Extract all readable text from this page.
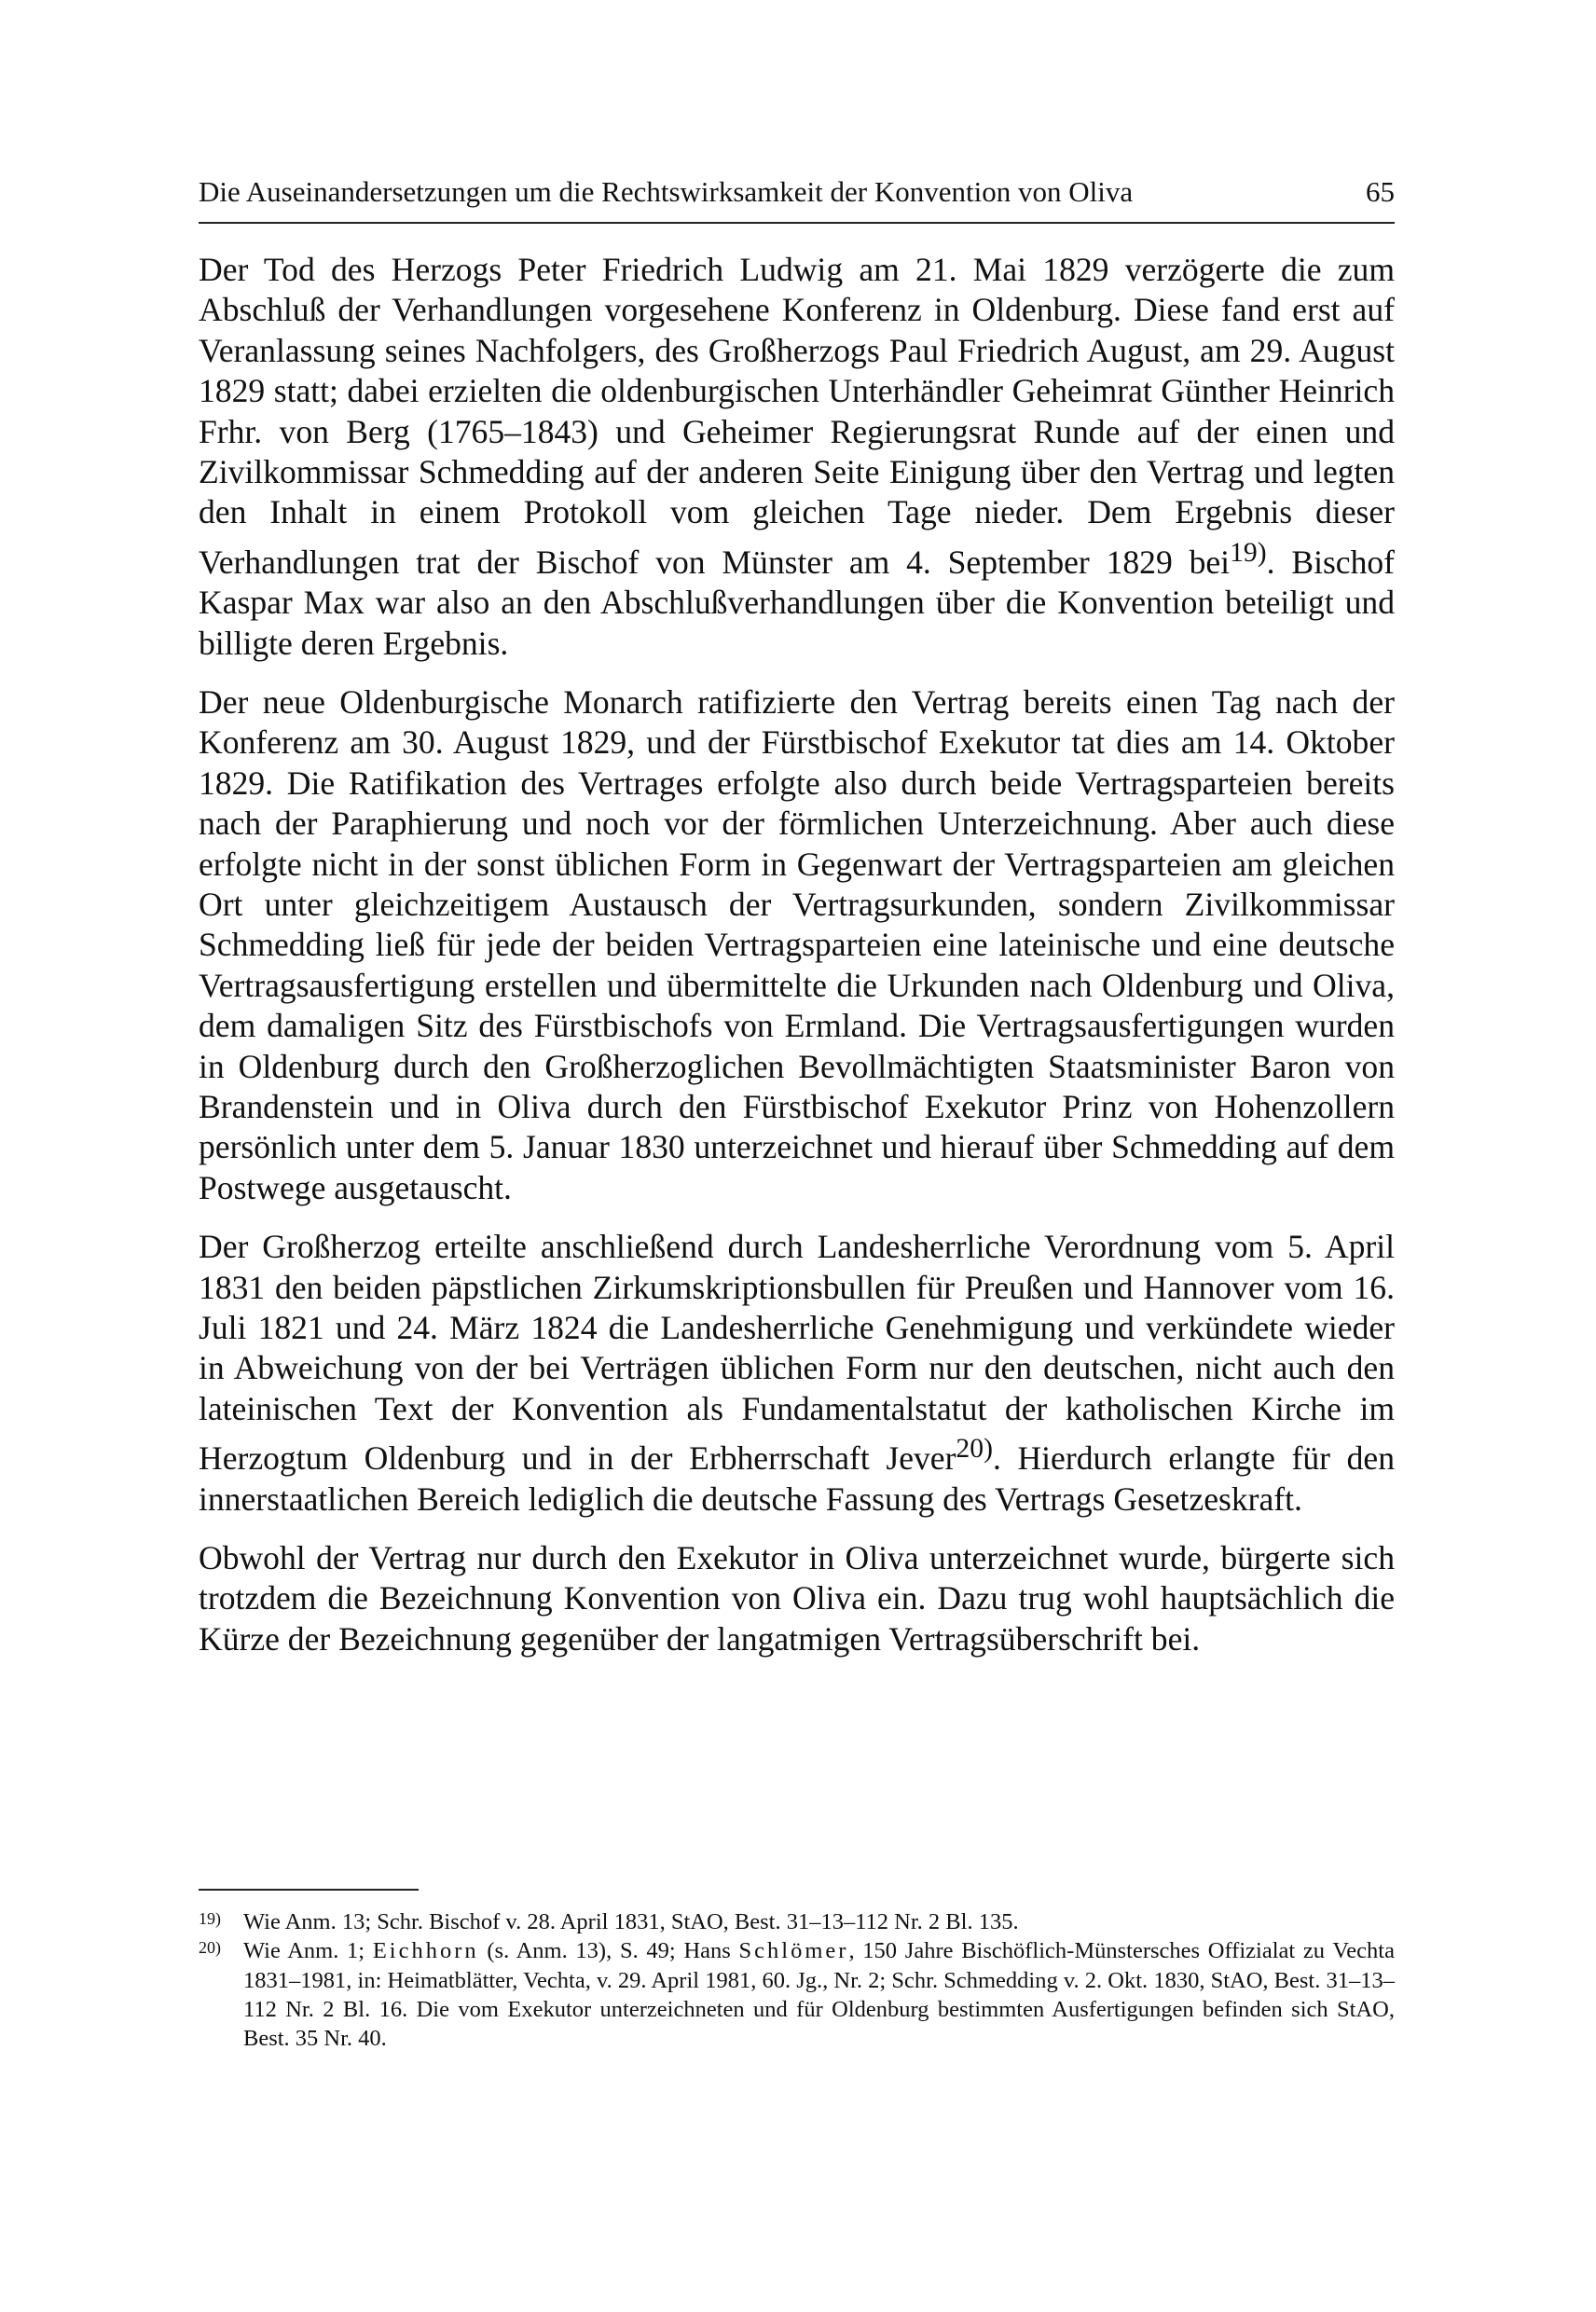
Die Auseinandersetzungen um die Rechtswirksamkeit der Konvention von Oliva	65

Der Tod des Herzogs Peter Friedrich Ludwig am 21. Mai 1829 verzögerte die zum Abschluß der Verhandlungen vorgesehene Konferenz in Oldenburg. Diese fand erst auf Veranlassung seines Nachfolgers, des Großherzogs Paul Friedrich August, am 29. August 1829 statt; dabei erzielten die oldenburgischen Unterhändler Geheimrat Günther Heinrich Frhr. von Berg (1765–1843) und Geheimer Regierungsrat Runde auf der einen und Zivilkommissar Schmedding auf der anderen Seite Einigung über den Vertrag und legten den Inhalt in einem Protokoll vom gleichen Tage nieder. Dem Ergebnis dieser Verhandlungen trat der Bischof von Münster am 4. September 1829 bei$^{19)}$. Bischof Kaspar Max war also an den Abschlußverhandlungen über die Konvention beteiligt und billigte deren Ergebnis.

Der neue Oldenburgische Monarch ratifizierte den Vertrag bereits einen Tag nach der Konferenz am 30. August 1829, und der Fürstbischof Exekutor tat dies am 14. Oktober 1829. Die Ratifikation des Vertrages erfolgte also durch beide Vertragsparteien bereits nach der Paraphierung und noch vor der förmlichen Unterzeichnung. Aber auch diese erfolgte nicht in der sonst üblichen Form in Gegenwart der Vertragsparteien am gleichen Ort unter gleichzeitigem Austausch der Vertragsurkunden, sondern Zivilkommissar Schmedding ließ für jede der beiden Vertragsparteien eine lateinische und eine deutsche Vertragsausfertigung erstellen und übermittelte die Urkunden nach Oldenburg und Oliva, dem damaligen Sitz des Fürstbischofs von Ermland. Die Vertragsausfertigungen wurden in Oldenburg durch den Großherzoglichen Bevollmächtigten Staatsminister Baron von Brandenstein und in Oliva durch den Fürstbischof Exekutor Prinz von Hohenzollern persönlich unter dem 5. Januar 1830 unterzeichnet und hierauf über Schmedding auf dem Postwege ausgetauscht.

Der Großherzog erteilte anschließend durch Landesherrliche Verordnung vom 5. April 1831 den beiden päpstlichen Zirkumskriptionsbullen für Preußen und Hannover vom 16. Juli 1821 und 24. März 1824 die Landesherrliche Genehmigung und verkündete wieder in Abweichung von der bei Verträgen üblichen Form nur den deutschen, nicht auch den lateinischen Text der Konvention als Fundamentalstatut der katholischen Kirche im Herzogtum Oldenburg und in der Erbherrschaft Jever$^{20)}$. Hierdurch erlangte für den innerstaatlichen Bereich lediglich die deutsche Fassung des Vertrags Gesetzeskraft.

Obwohl der Vertrag nur durch den Exekutor in Oliva unterzeichnet wurde, bürgerte sich trotzdem die Bezeichnung Konvention von Oliva ein. Dazu trug wohl hauptsächlich die Kürze der Bezeichnung gegenüber der langatmigen Vertragsüberschrift bei.

19) Wie Anm. 13; Schr. Bischof v. 28. April 1831, StAO, Best. 31–13–112 Nr. 2 Bl. 135.

20) Wie Anm. 1; Eichhorn (s. Anm. 13), S. 49; Hans Schlömer, 150 Jahre Bischöflich-Münstersches Offizialat zu Vechta 1831–1981, in: Heimatblätter, Vechta, v. 29. April 1981, 60. Jg., Nr. 2; Schr. Schmedding v. 2. Okt. 1830, StAO, Best. 31–13–112 Nr. 2 Bl. 16. Die vom Exekutor unterzeichneten und für Oldenburg bestimmten Ausfertigungen befinden sich StAO, Best. 35 Nr. 40.
